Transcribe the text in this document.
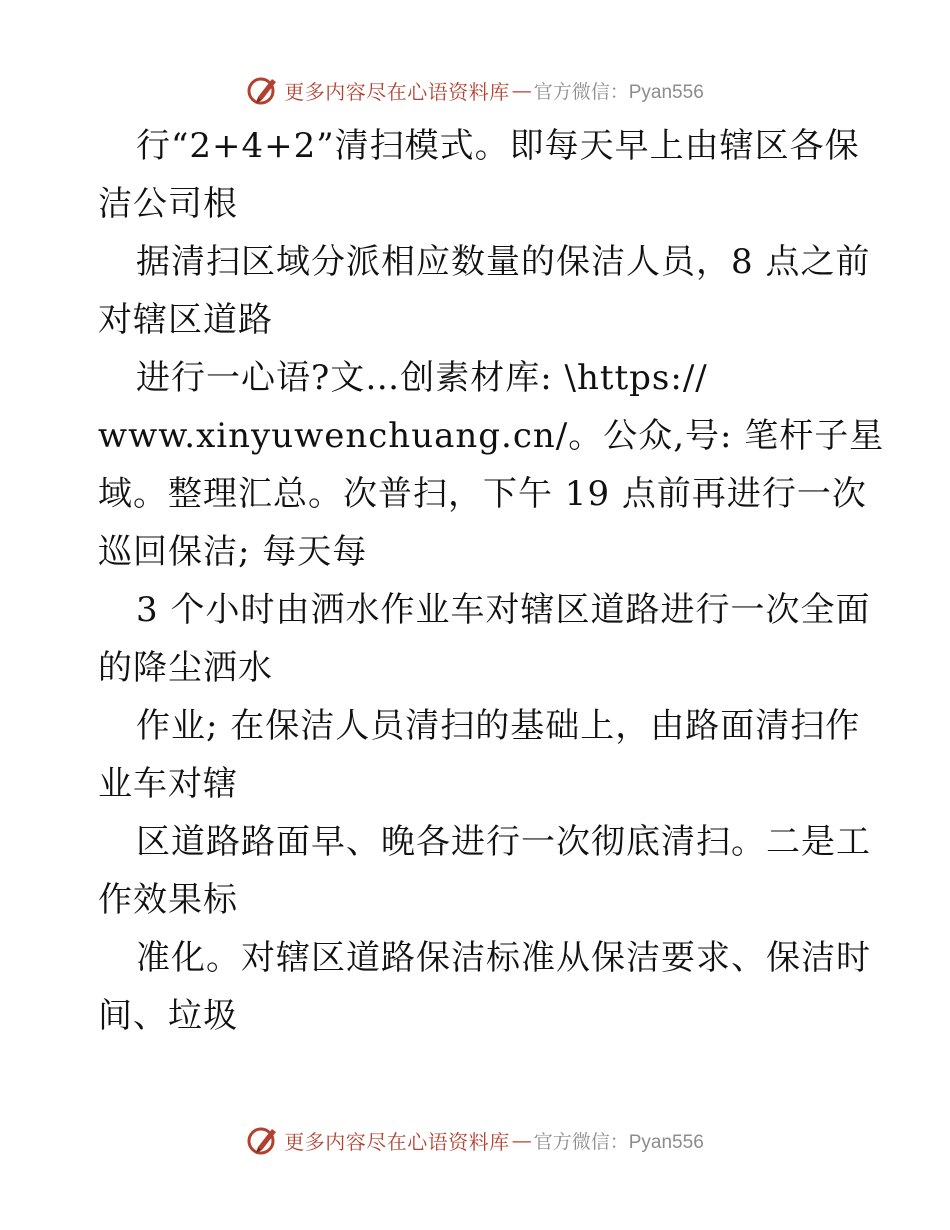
更多内容尽在心语资料库 — 官方微信：Pyan556
行“2+4+2”清扫模式。即每天早上由辖区各保
洁公司根
据清扫区域分派相应数量的保洁人员，8 点之前
对辖区道路
进行一心语?文…创素材库: \https://
www.xinyuwenchuang.cn/。公众,号: 笔杆子星
域。整理汇总。次普扫，下午 19 点前再进行一次
巡回保洁; 每天每
3 个小时由洒水作业车对辖区道路进行一次全面
的降尘洒水
作业; 在保洁人员清扫的基础上，由路面清扫作
业车对辖
区道路路面早、晚各进行一次彻底清扫。二是工
作效果标
准化。对辖区道路保洁标准从保洁要求、保洁时
间、垃圾
更多内容尽在心语资料库 — 官方微信：Pyan556
